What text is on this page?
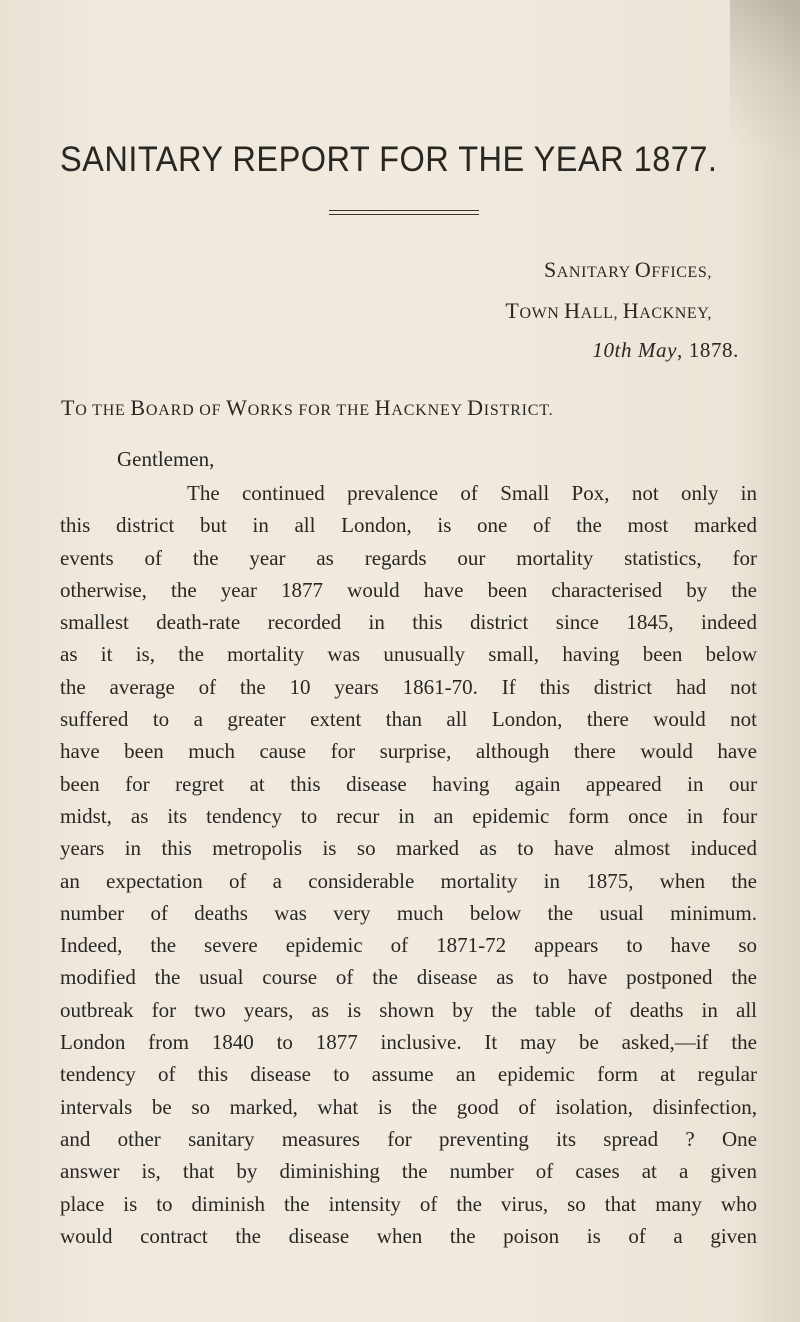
SANITARY REPORT FOR THE YEAR 1877.
SANITARY OFFICES,
TOWN HALL, HACKNEY,
10th May, 1878.
TO THE BOARD OF WORKS FOR THE HACKNEY DISTRICT.
Gentlemen,
The continued prevalence of Small Pox, not only in
this district but in all London, is one of the most marked
events of the year as regards our mortality statistics, for
otherwise, the year 1877 would have been characterised by the
smallest death-rate recorded in this district since 1845, indeed
as it is, the mortality was unusually small, having been below
the average of the 10 years 1861-70. If this district had not
suffered to a greater extent than all London, there would not
have been much cause for surprise, although there would have
been for regret at this disease having again appeared in our
midst, as its tendency to recur in an epidemic form once in four
years in this metropolis is so marked as to have almost induced
an expectation of a considerable mortality in 1875, when the
number of deaths was very much below the usual minimum.
Indeed, the severe epidemic of 1871-72 appears to have so
modified the usual course of the disease as to have postponed the
outbreak for two years, as is shown by the table of deaths in all
London from 1840 to 1877 inclusive. It may be asked,—if the
tendency of this disease to assume an epidemic form at regular
intervals be so marked, what is the good of isolation, disinfection,
and other sanitary measures for preventing its spread ? One
answer is, that by diminishing the number of cases at a given
place is to diminish the intensity of the virus, so that many who
would contract the disease when the poison is of a given
